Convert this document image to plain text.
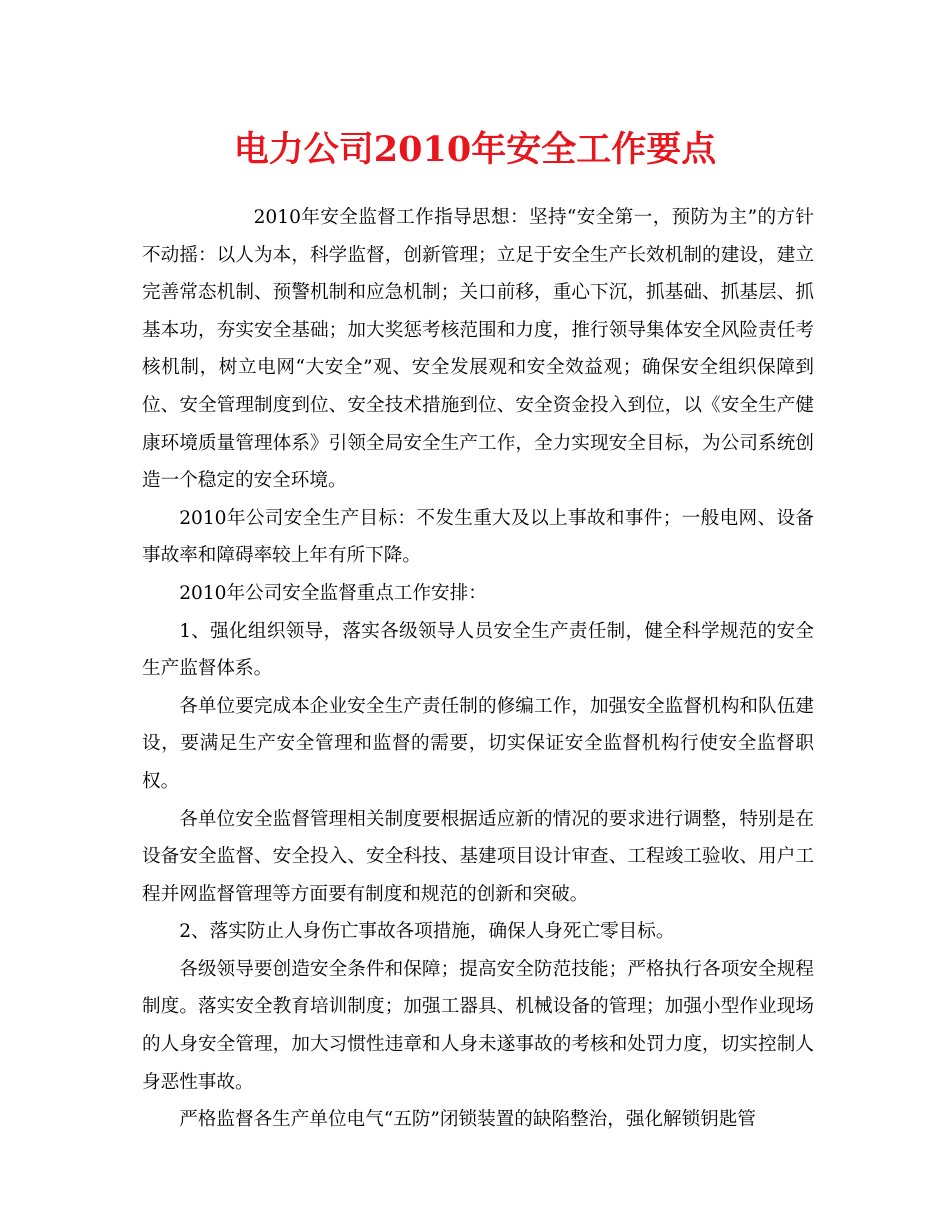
电力公司2010年安全工作要点

2010年安全监督工作指导思想：坚持“安全第一，预防为主”的方针不动摇：以人为本，科学监督，创新管理；立足于安全生产长效机制的建设，建立完善常态机制、预警机制和应急机制；关口前移，重心下沉，抓基础、抓基层、抓基本功，夯实安全基础；加大奖惩考核范围和力度，推行领导集体安全风险责任考核机制，树立电网“大安全”观、安全发展观和安全效益观；确保安全组织保障到位、安全管理制度到位、安全技术措施到位、安全资金投入到位，以《安全生产健康环境质量管理体系》引领全局安全生产工作，全力实现安全目标，为公司系统创造一个稳定的安全环境。

2010年公司安全生产目标：不发生重大及以上事故和事件；一般电网、设备事故率和障碍率较上年有所下降。

2010年公司安全监督重点工作安排：

1、强化组织领导，落实各级领导人员安全生产责任制，健全科学规范的安全生产监督体系。

各单位要完成本企业安全生产责任制的修编工作，加强安全监督机构和队伍建设，要满足生产安全管理和监督的需要，切实保证安全监督机构行使安全监督职权。

各单位安全监督管理相关制度要根据适应新的情况的要求进行调整，特别是在设备安全监督、安全投入、安全科技、基建项目设计审查、工程竣工验收、用户工程并网监督管理等方面要有制度和规范的创新和突破。

2、落实防止人身伤亡事故各项措施，确保人身死亡零目标。

各级领导要创造安全条件和保障；提高安全防范技能；严格执行各项安全规程制度。落实安全教育培训制度；加强工器具、机械设备的管理；加强小型作业现场的人身安全管理，加大习惯性违章和人身未遂事故的考核和处罚力度，切实控制人身恶性事故。

严格监督各生产单位电气“五防”闭锁装置的缺陷整治，强化解锁钥匙管
